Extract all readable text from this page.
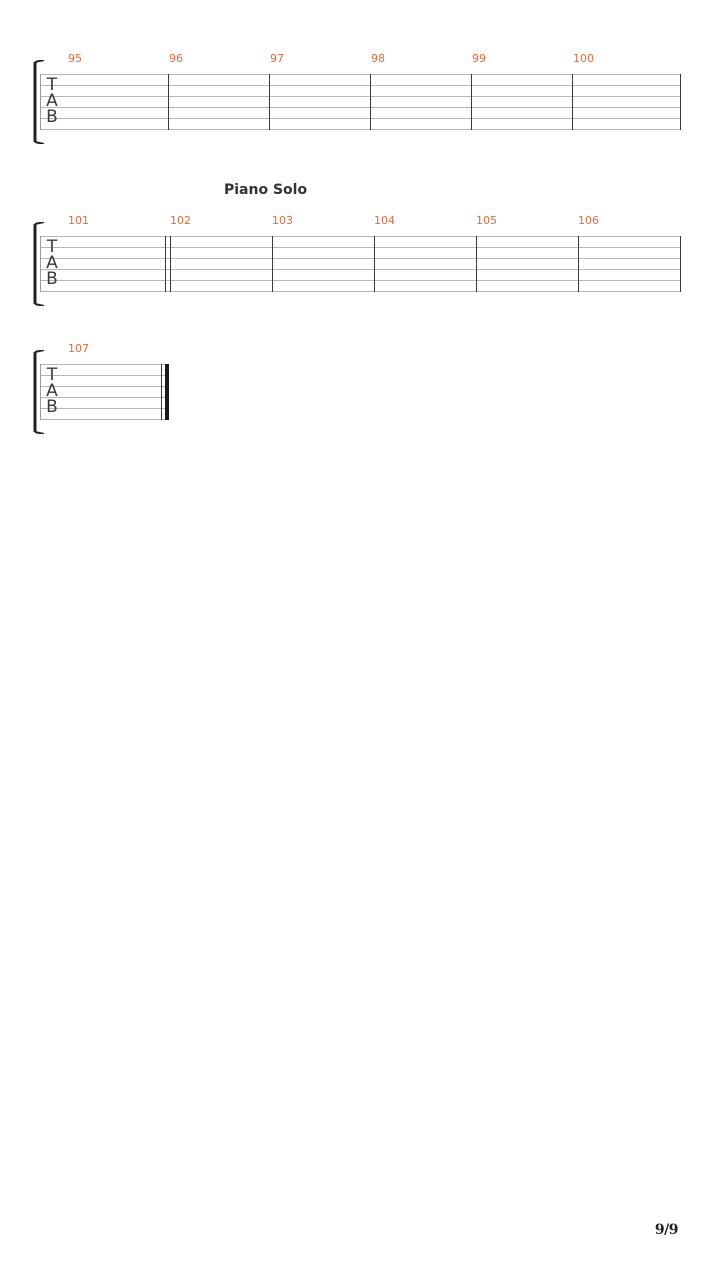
T
A
B
95	96	97	98	99	100
Piano Solo
T
A
B
101	102	103	104	105	106
T
A
B
107
9/9
